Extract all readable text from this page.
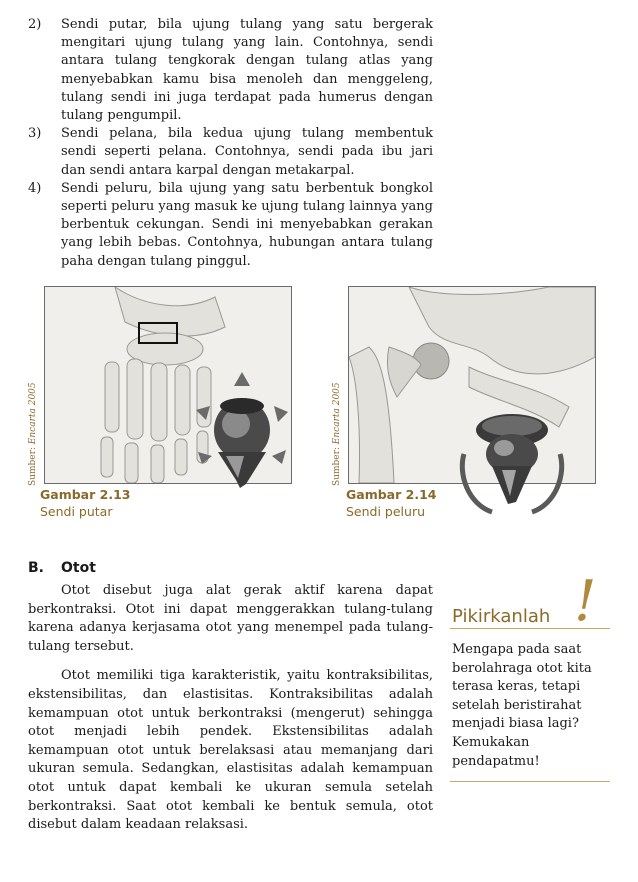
2) Sendi putar, bila ujung tulang yang satu bergerak mengitari ujung tulang yang lain. Contohnya, sendi antara tulang tengkorak dengan tulang atlas yang menyebabkan kamu bisa menoleh dan menggeleng, tulang sendi ini juga terdapat pada humerus dengan tulang pengumpil.
3) Sendi pelana, bila kedua ujung tulang membentuk sendi seperti pelana. Contohnya, sendi pada ibu jari dan sendi antara karpal dengan metakarpal.
4) Sendi peluru, bila ujung yang satu berbentuk bongkol seperti peluru yang masuk ke ujung tulang lainnya yang berbentuk cekungan. Sendi ini menyebabkan gerakan yang lebih bebas. Contohnya, hubungan antara tulang paha dengan tulang pinggul.
Sumber: Encarta 2005
Gambar 2.13
Sendi putar
Sumber: Encarta 2005
Gambar 2.14
Sendi peluru
B. Otot

Otot disebut juga alat gerak aktif karena dapat berkontraksi. Otot ini dapat menggerakkan tulang-tulang karena adanya kerjasama otot yang menempel pada tulang-tulang tersebut.

Otot memiliki tiga karakteristik, yaitu kontraksibilitas, ekstensibilitas, dan elastisitas. Kontraksibilitas adalah kemampuan otot untuk berkontraksi (mengerut) sehingga otot menjadi lebih pendek. Ekstensibilitas adalah kemampuan otot untuk berelaksasi atau memanjang dari ukuran semula. Sedangkan, elastisitas adalah kemampuan otot untuk dapat kembali ke ukuran semula setelah berkontraksi. Saat otot kembali ke bentuk semula, otot disebut dalam keadaan relaksasi.

Pikirkanlah !
Mengapa pada saat berolahraga otot kita terasa keras, tetapi setelah beristirahat menjadi biasa lagi? Kemukakan pendapatmu!
